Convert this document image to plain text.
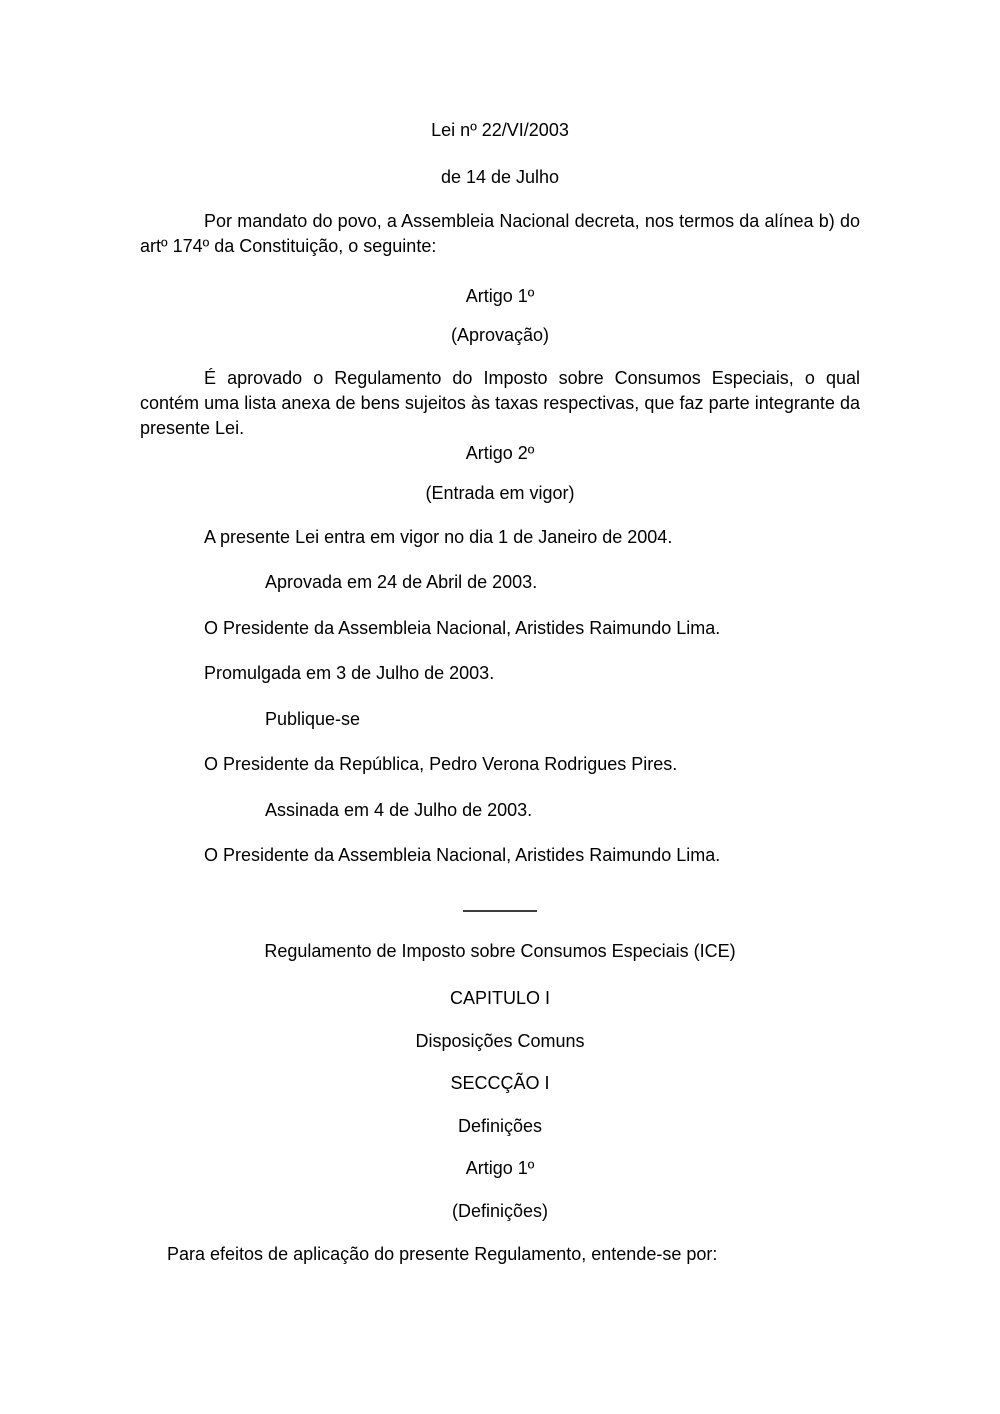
Lei nº 22/VI/2003

de 14 de Julho

Por mandato do povo, a Assembleia Nacional decreta, nos termos da alínea b) do artº 174º da Constituição, o seguinte:

Artigo 1º

(Aprovação)

É aprovado o Regulamento do Imposto sobre Consumos Especiais, o qual contém uma lista anexa de bens sujeitos às taxas respectivas, que faz parte integrante da presente Lei.

Artigo 2º

(Entrada em vigor)

A presente Lei entra em vigor no dia 1 de Janeiro de 2004.

Aprovada em 24 de Abril de 2003.

O Presidente da Assembleia Nacional, Aristides Raimundo Lima.

Promulgada em 3 de Julho de 2003.

Publique-se

O Presidente da República, Pedro Verona Rodrigues Pires.

Assinada em 4 de Julho de 2003.

O Presidente da Assembleia Nacional, Aristides Raimundo Lima.

Regulamento de Imposto sobre Consumos Especiais (ICE)

CAPITULO I

Disposições Comuns

SECCÇÃO I

Definições

Artigo 1º

(Definições)

Para efeitos de aplicação do presente Regulamento, entende-se por:
